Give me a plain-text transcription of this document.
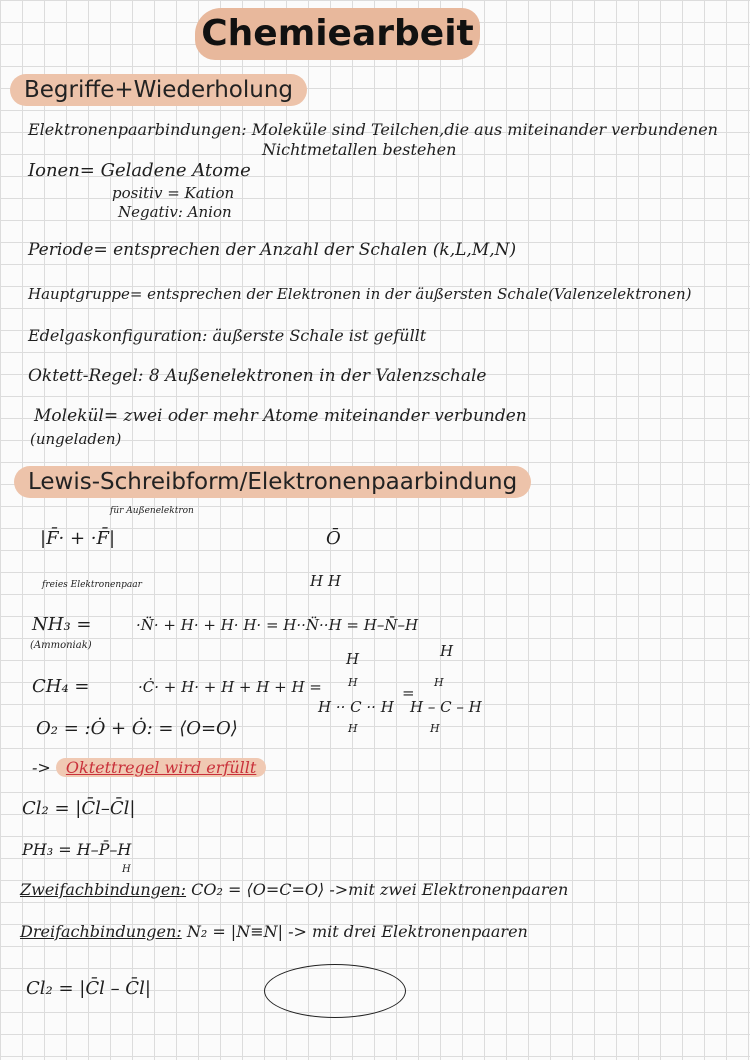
Chemiearbeit
Begriffe+Wiederholung
Elektronenpaarbindungen: Moleküle sind Teilchen,die aus miteinander verbundenen
Nichtmetallen bestehen
Ionen= Geladene Atome
positiv = Kation
Negativ: Anion
Periode= entsprechen der Anzahl der Schalen (k,L,M,N)
Hauptgruppe= entsprechen der Elektronen in der äußersten Schale(Valenzelektronen)
Edelgaskonfiguration: äußerste Schale ist gefüllt
Oktett-Regel: 8 Außenelektronen in der Valenzschale
Molekül= zwei oder mehr Atome miteinander verbunden
(ungeladen)
Lewis-Schreibform/Elektronenpaarbindung
für Außenelektron
|F̄· + ·F̄|
freies Elektronenpaar
Ō
H H
NH₃ =
(Ammoniak)
·N̈· + H· + H· H· = H··N̈··H = H–N̄–H
H	H
CH₄ =	·Ċ· + H· + H + H + H = H
H ·· C ·· H
H
=
H
H – C – H
H
O₂ = :Ȯ + Ȯ: = ⟨O=O⟩
-> Oktettregel wird erfüllt
Cl₂ = |C̄l–C̄l|
PH₃ = H–P̄–H
H
Zweifachbindungen: CO₂ = ⟨O=C=O⟩ ->mit zwei Elektronenpaaren
Dreifachbindungen: N₂ = |N≡N| -> mit drei Elektronenpaaren
Cl₂ = |C̄l – C̄l|
